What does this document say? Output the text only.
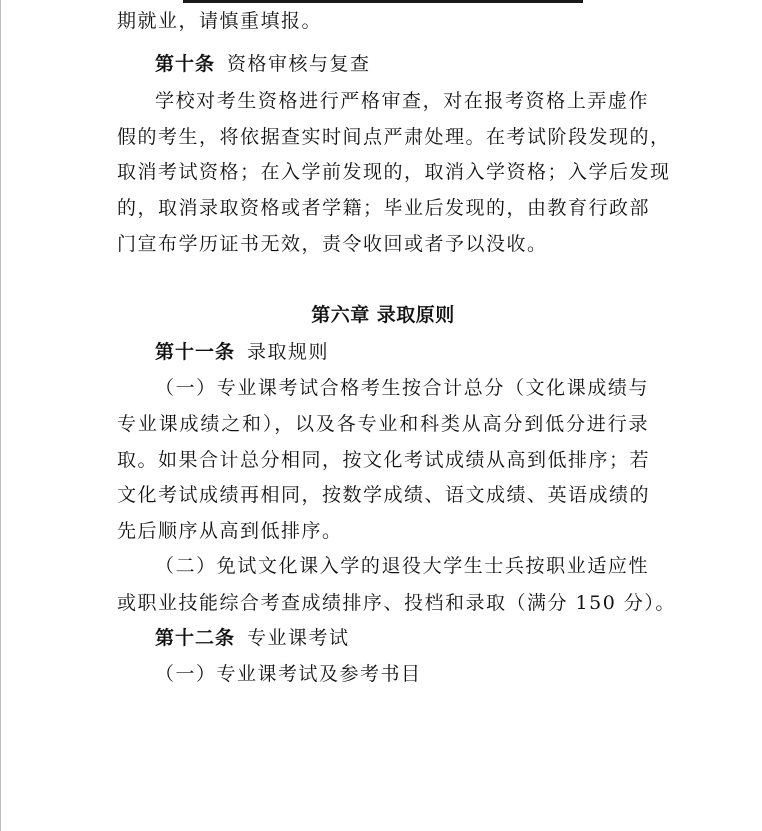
期就业，请慎重填报。
第十条 资格审核与复查
学校对考生资格进行严格审查，对在报考资格上弄虚作
假的考生，将依据查实时间点严肃处理。在考试阶段发现的，
取消考试资格；在入学前发现的，取消入学资格；入学后发现
的，取消录取资格或者学籍；毕业后发现的，由教育行政部
门宣布学历证书无效，责令收回或者予以没收。
第六章 录取原则
第十一条 录取规则
（一）专业课考试合格考生按合计总分（文化课成绩与
专业课成绩之和），以及各专业和科类从高分到低分进行录
取。如果合计总分相同，按文化考试成绩从高到低排序；若
文化考试成绩再相同，按数学成绩、语文成绩、英语成绩的
先后顺序从高到低排序。
（二）免试文化课入学的退役大学生士兵按职业适应性
或职业技能综合考查成绩排序、投档和录取（满分 150 分）。
第十二条 专业课考试
（一）专业课考试及参考书目
